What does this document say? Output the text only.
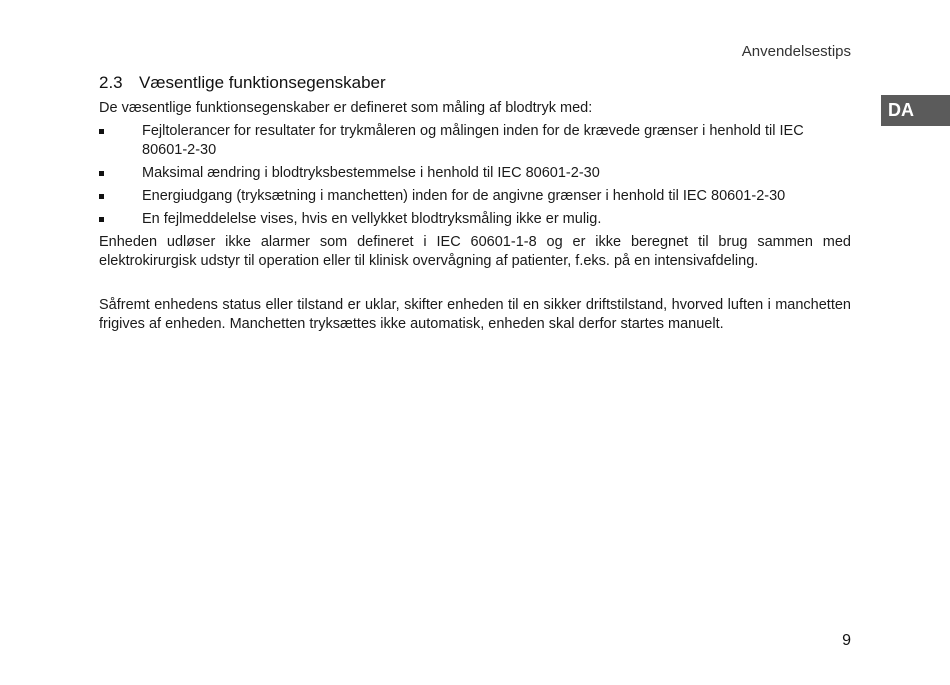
Anvendelsestips
DA
2.3 Væsentlige funktionsegenskaber

De væsentlige funktionsegenskaber er defineret som måling af blodtryk med:

Fejltolerancer for resultater for trykmåleren og målingen inden for de krævede grænser i henhold til IEC 80601-2-30
Maksimal ændring i blodtryksbestemmelse i henhold til IEC 80601-2-30
Energiudgang (tryksætning i manchetten) inden for de angivne grænser i henhold til IEC 80601-2-30
En fejlmeddelelse vises, hvis en vellykket blodtryksmåling ikke er mulig.

Enheden udløser ikke alarmer som defineret i IEC 60601-1-8 og er ikke beregnet til brug sammen med elektrokirurgisk udstyr til operation eller til klinisk overvågning af patienter, f.eks. på en intensivafdeling.

Såfremt enhedens status eller tilstand er uklar, skifter enheden til en sikker driftstilstand, hvorved luften i manchetten frigives af enheden. Manchetten tryksættes ikke automatisk, enheden skal derfor startes manuelt.

9
